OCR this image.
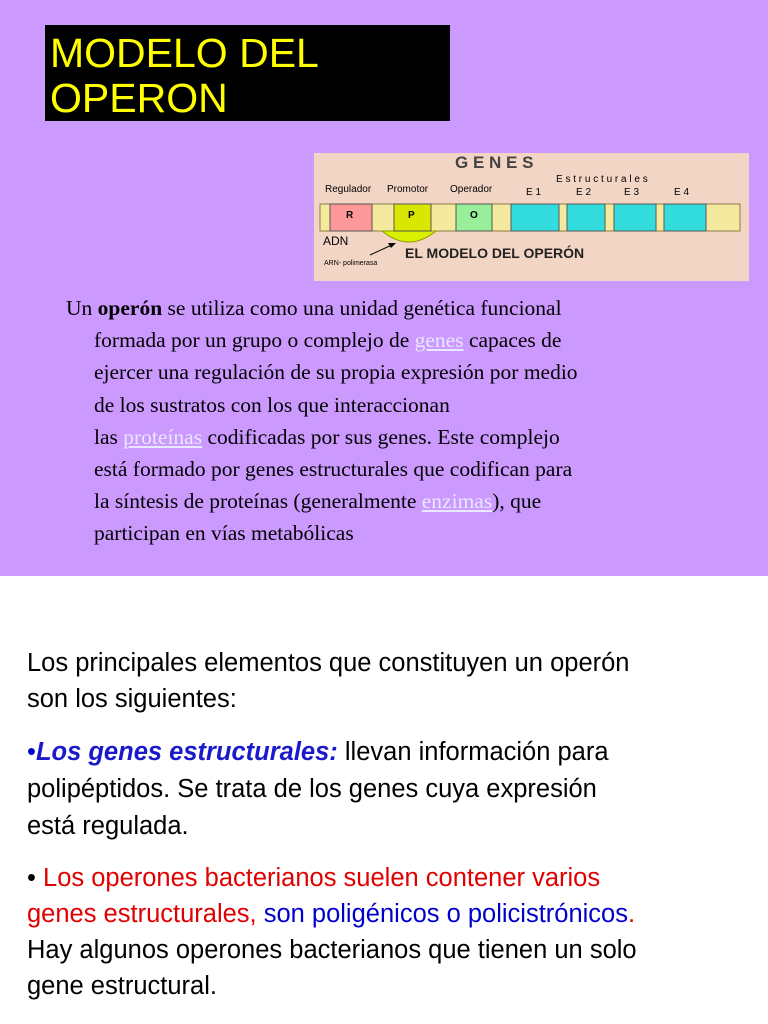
MODELO DEL
OPERON
G E N E S
E s t r u c t u r a l e s
Regulador Promotor Operador	E 1	E 2	E 3	E 4
R	P	O
ADN
ARN- polimerasa
EL MODELO DEL OPERÓN
Un operón se utiliza como una unidad genética funcional
formada por un grupo o complejo de genes capaces de
ejercer una regulación de su propia expresión por medio
de los sustratos con los que interaccionan
las proteínas codificadas por sus genes. Este complejo
está formado por genes estructurales que codifican para
la síntesis de proteínas (generalmente enzimas), que
participan en vías metabólicas
Los principales elementos que constituyen un operón
son los siguientes:
•Los genes estructurales: llevan información para
polipéptidos. Se trata de los genes cuya expresión
está regulada.
• Los operones bacterianos suelen contener varios
genes estructurales, son poligénicos o policistrónicos.
Hay algunos operones bacterianos que tienen un solo
gene estructural.
